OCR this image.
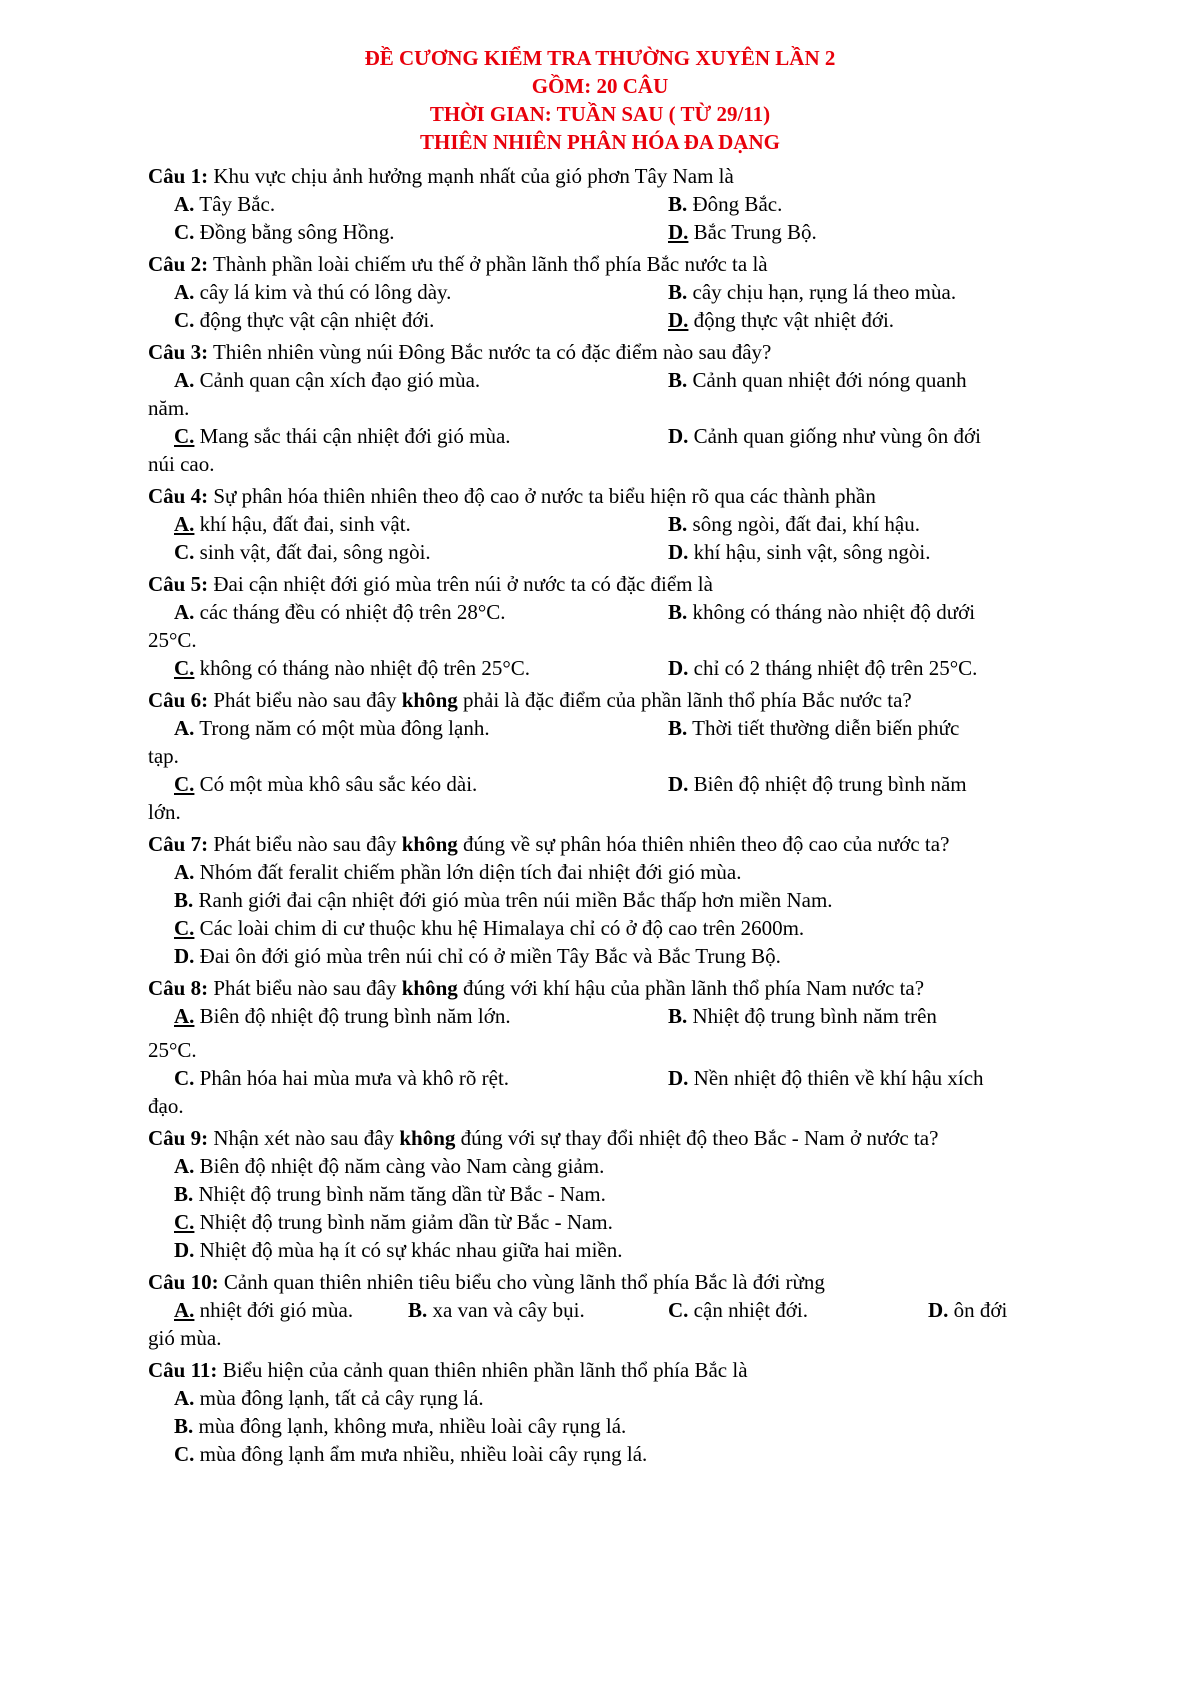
ĐỀ CƯƠNG KIỂM TRA THƯỜNG XUYÊN LẦN 2
GỒM: 20 CÂU
THỜI GIAN: TUẦN SAU ( TỪ 29/11)
THIÊN NHIÊN PHÂN HÓA ĐA DẠNG
Câu 1: Khu vực chịu ảnh hưởng mạnh nhất của gió phơn Tây Nam là
A. Tây Bắc.	B. Đông Bắc.
C. Đồng bằng sông Hồng.	D. Bắc Trung Bộ.
Câu 2: Thành phần loài chiếm ưu thế ở phần lãnh thổ phía Bắc nước ta là
A. cây lá kim và thú có lông dày.	B. cây chịu hạn, rụng lá theo mùa.
C. động thực vật cận nhiệt đới.	D. động thực vật nhiệt đới.
Câu 3: Thiên nhiên vùng núi Đông Bắc nước ta có đặc điểm nào sau đây?
A. Cảnh quan cận xích đạo gió mùa.	B. Cảnh quan nhiệt đới nóng quanh
năm.
C. Mang sắc thái cận nhiệt đới gió mùa.	D. Cảnh quan giống như vùng ôn đới
núi cao.
Câu 4: Sự phân hóa thiên nhiên theo độ cao ở nước ta biểu hiện rõ qua các thành phần
A. khí hậu, đất đai, sinh vật.	B. sông ngòi, đất đai, khí hậu.
C. sinh vật, đất đai, sông ngòi.	D. khí hậu, sinh vật, sông ngòi.
Câu 5: Đai cận nhiệt đới gió mùa trên núi ở nước ta có đặc điểm là
A. các tháng đều có nhiệt độ trên 28°C.	B. không có tháng nào nhiệt độ dưới
25°C.
C. không có tháng nào nhiệt độ trên 25°C.	D. chỉ có 2 tháng nhiệt độ trên 25°C.
Câu 6: Phát biểu nào sau đây không phải là đặc điểm của phần lãnh thổ phía Bắc nước ta?
A. Trong năm có một mùa đông lạnh.	B. Thời tiết thường diễn biến phức
tạp.
C. Có một mùa khô sâu sắc kéo dài.	D. Biên độ nhiệt độ trung bình năm
lớn.
Câu 7: Phát biểu nào sau đây không đúng về sự phân hóa thiên nhiên theo độ cao của nước ta?
A. Nhóm đất feralit chiếm phần lớn diện tích đai nhiệt đới gió mùa.
B. Ranh giới đai cận nhiệt đới gió mùa trên núi miền Bắc thấp hơn miền Nam.
C. Các loài chim di cư thuộc khu hệ Himalaya chỉ có ở độ cao trên 2600m.
D. Đai ôn đới gió mùa trên núi chỉ có ở miền Tây Bắc và Bắc Trung Bộ.
Câu 8: Phát biểu nào sau đây không đúng với khí hậu của phần lãnh thổ phía Nam nước ta?
A. Biên độ nhiệt độ trung bình năm lớn.	B. Nhiệt độ trung bình năm trên
25°C.
C. Phân hóa hai mùa mưa và khô rõ rệt.	D. Nền nhiệt độ thiên về khí hậu xích
đạo.
Câu 9: Nhận xét nào sau đây không đúng với sự thay đổi nhiệt độ theo Bắc - Nam ở nước ta?
A. Biên độ nhiệt độ năm càng vào Nam càng giảm.
B. Nhiệt độ trung bình năm tăng dần từ Bắc - Nam.
C. Nhiệt độ trung bình năm giảm dần từ Bắc - Nam.
D. Nhiệt độ mùa hạ ít có sự khác nhau giữa hai miền.
Câu 10: Cảnh quan thiên nhiên tiêu biểu cho vùng lãnh thổ phía Bắc là đới rừng
A. nhiệt đới gió mùa.	B. xa van và cây bụi.	C. cận nhiệt đới.	D. ôn đới
gió mùa.
Câu 11: Biểu hiện của cảnh quan thiên nhiên phần lãnh thổ phía Bắc là
A. mùa đông lạnh, tất cả cây rụng lá.
B. mùa đông lạnh, không mưa, nhiều loài cây rụng lá.
C. mùa đông lạnh ẩm mưa nhiều, nhiều loài cây rụng lá.
